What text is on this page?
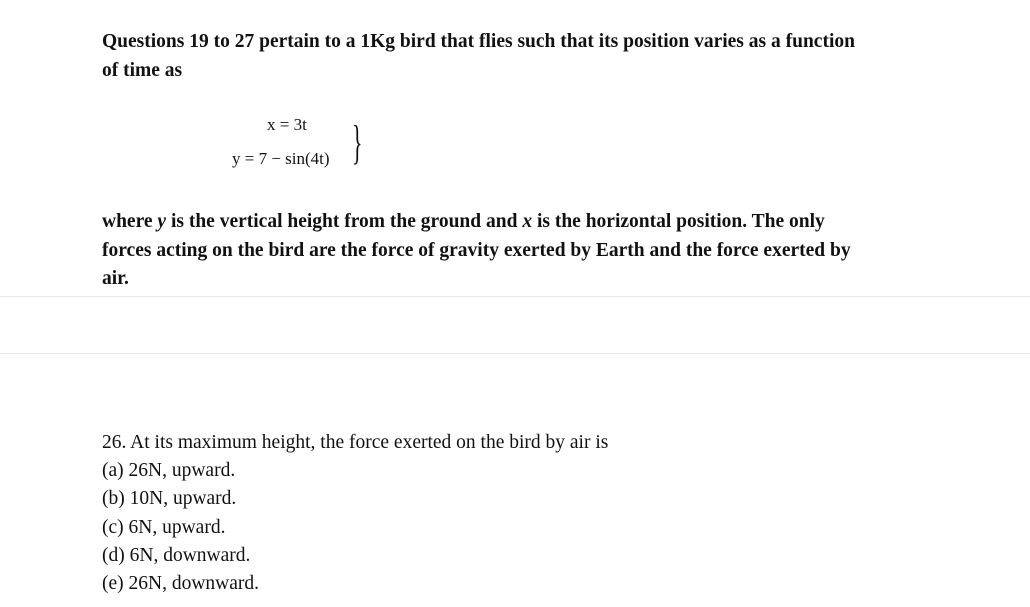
Questions 19 to 27 pertain to a 1Kg bird that flies such that its position varies as a function
of time as
x = 3t
y = 7 − sin(4t) }
where y is the vertical height from the ground and x is the horizontal position. The only
forces acting on the bird are the force of gravity exerted by Earth and the force exerted by
air.
26. At its maximum height, the force exerted on the bird by air is
(a) 26N, upward.
(b) 10N, upward.
(c) 6N, upward.
(d) 6N, downward.
(e) 26N, downward.
